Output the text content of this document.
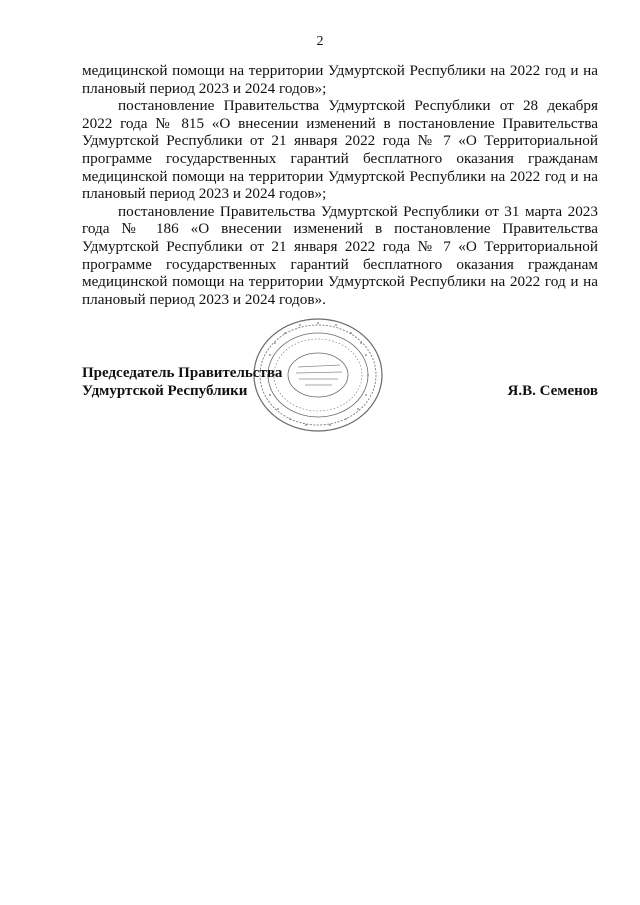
2

медицинской помощи на территории Удмуртской Республики на 2022 год и на плановый период 2023 и 2024 годов»;

постановление Правительства Удмуртской Республики от 28 декабря 2022 года № 815 «О внесении изменений в постановление Правительства Удмуртской Республики от 21 января 2022 года № 7 «О Территориальной программе государственных гарантий бесплатного оказания гражданам медицинской помощи на территории Удмуртской Республики на 2022 год и на плановый период 2023 и 2024 годов»;

постановление Правительства Удмуртской Республики от 31 марта 2023 года № 186 «О внесении изменений в постановление Правительства Удмуртской Республики от 21 января 2022 года № 7 «О Территориальной программе государственных гарантий бесплатного оказания гражданам медицинской помощи на территории Удмуртской Республики на 2022 год и на плановый период 2023 и 2024 годов».

Председатель Правительства
Удмуртской Республики	Я.В. Семенов
